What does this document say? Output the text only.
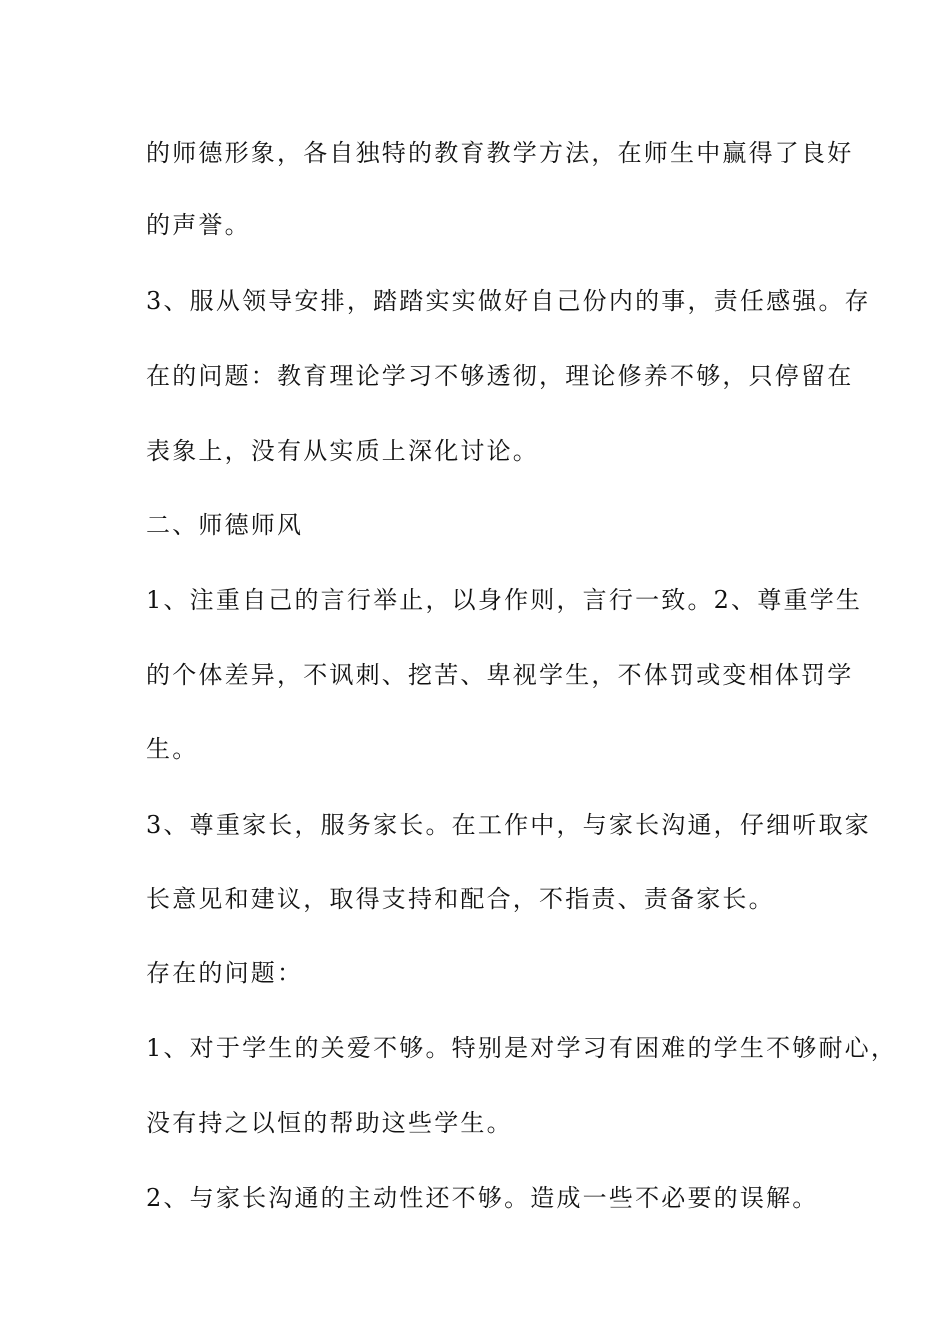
的师德形象，各自独特的教育教学方法，在师生中赢得了良好
的声誉。
3、服从领导安排，踏踏实实做好自己份内的事，责任感强。存
在的问题：教育理论学习不够透彻，理论修养不够，只停留在
表象上，没有从实质上深化讨论。
二、师德师风
1、注重自己的言行举止，以身作则，言行一致。2、尊重学生
的个体差异，不讽刺、挖苦、卑视学生，不体罚或变相体罚学
生。
3、尊重家长，服务家长。在工作中，与家长沟通，仔细听取家
长意见和建议，取得支持和配合，不指责、责备家长。
存在的问题：
1、对于学生的关爱不够。特别是对学习有困难的学生不够耐心，
没有持之以恒的帮助这些学生。
2、与家长沟通的主动性还不够。造成一些不必要的误解。
